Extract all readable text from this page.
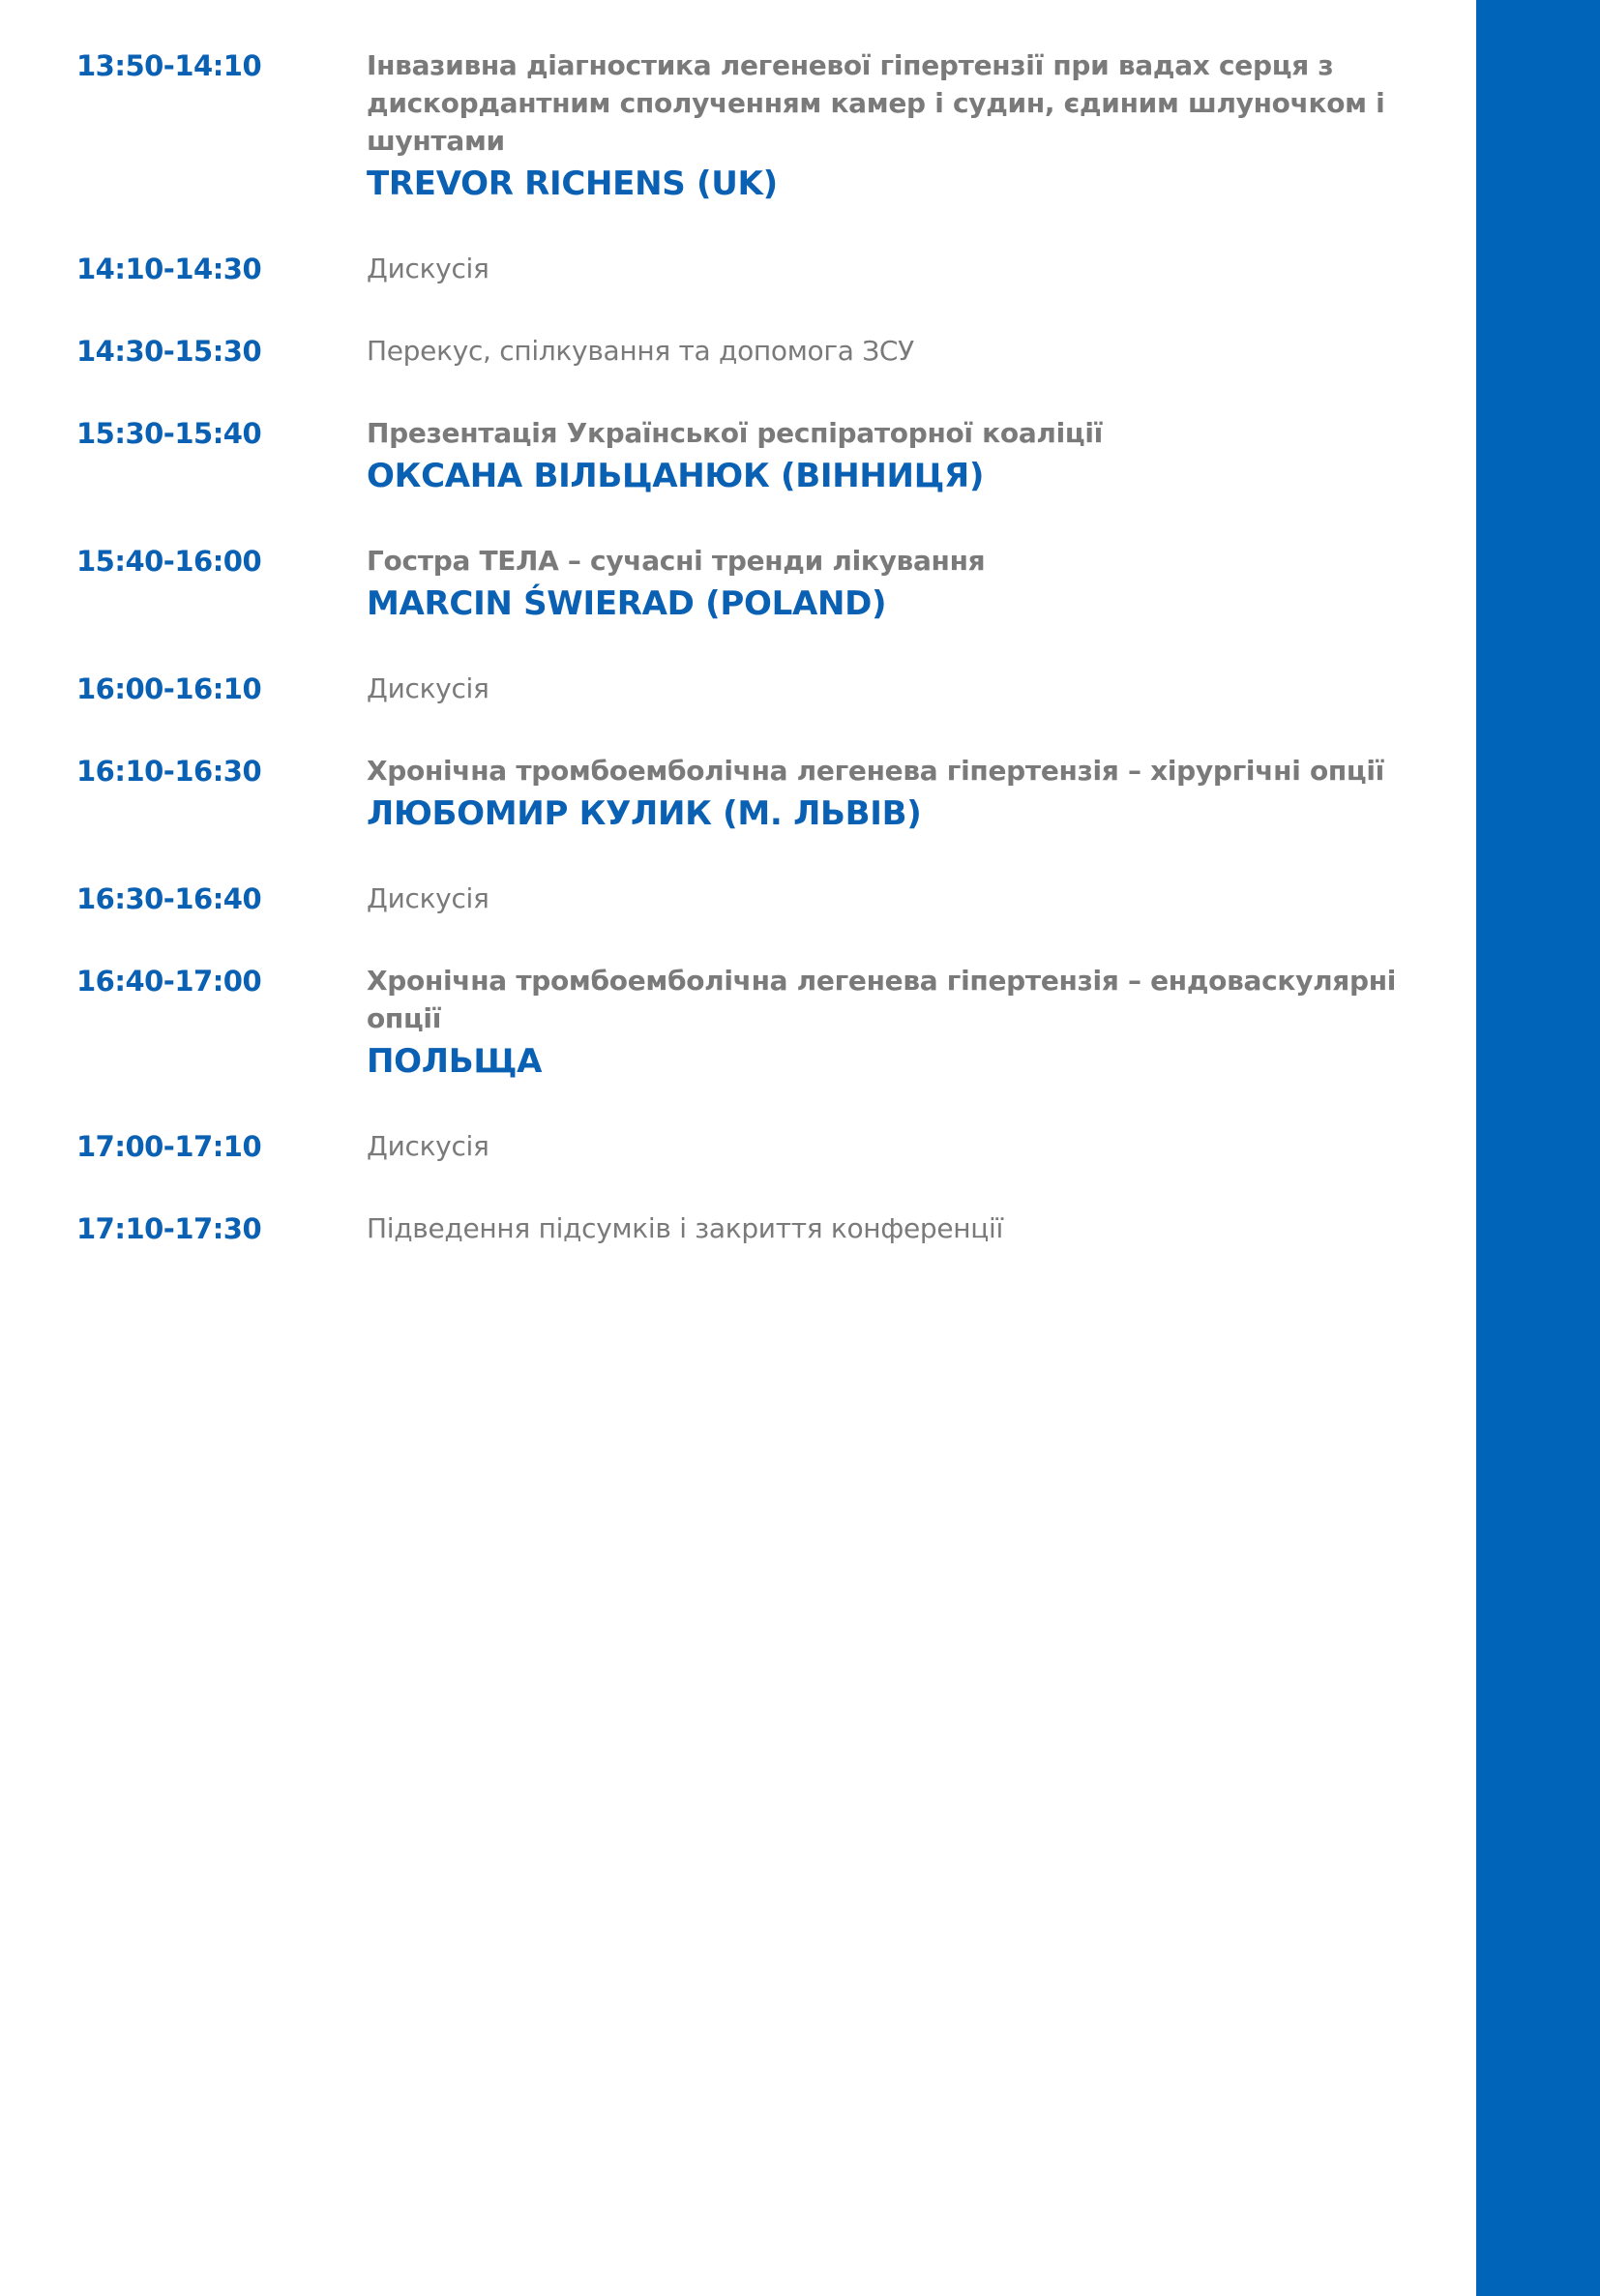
13:50-14:10	Інвазивна діагностика легеневої гіпертензії при вадах серця з дискордантним сполученням камер і судин, єдиним шлуночком і шунтами
TREVOR RICHENS (UK)
14:10-14:30	Дискусія
14:30-15:30	Перекус, спілкування та допомога ЗСУ
15:30-15:40	Презентація Української респіраторної коаліції
ОКСАНА ВІЛЬЦАНЮК (ВІННИЦЯ)
15:40-16:00	Гостра ТЕЛА – сучасні тренди лікування
MARCIN ŚWIERAD (POLAND)
16:00-16:10	Дискусія
16:10-16:30	Хронічна тромбоемболічна легенева гіпертензія – хірургічні опції
ЛЮБОМИР КУЛИК (М. ЛЬВІВ)
16:30-16:40	Дискусія
16:40-17:00	Хронічна тромбоемболічна легенева гіпертензія – ендоваскулярні опції
ПОЛЬЩА
17:00-17:10	Дискусія
17:10-17:30	Підведення підсумків і закриття конференції
